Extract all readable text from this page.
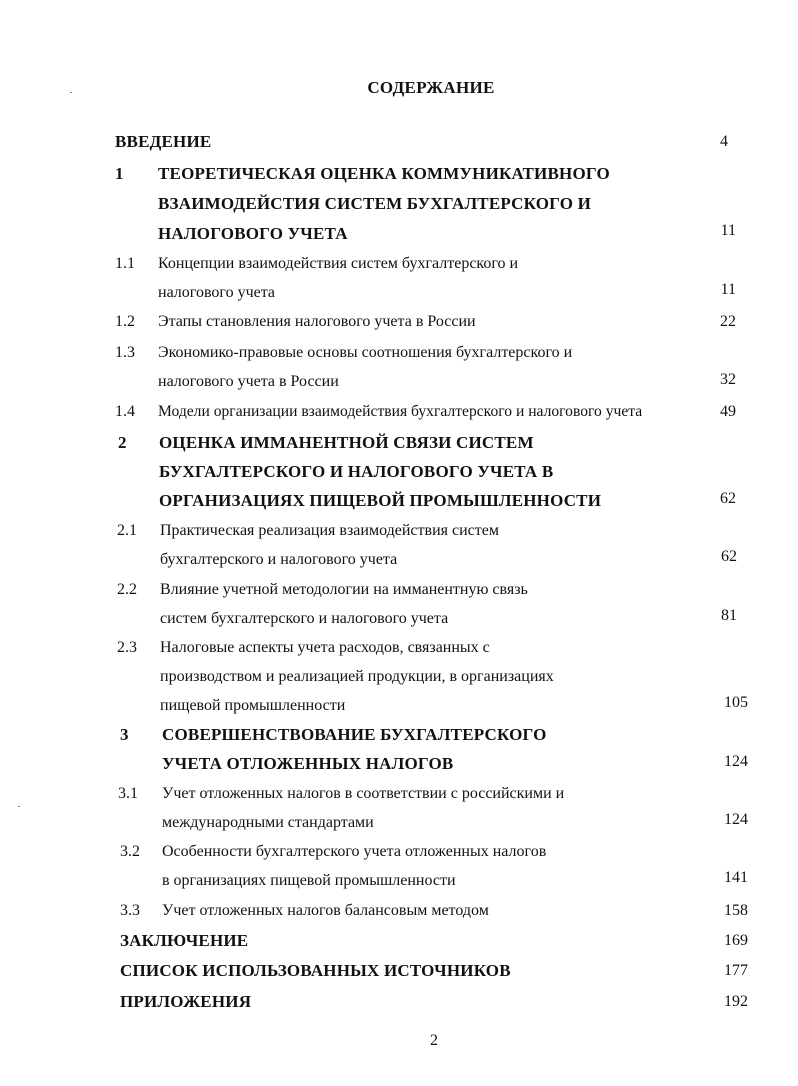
СОДЕРЖАНИЕ
ВВЕДЕНИЕ	4
1 ТЕОРЕТИЧЕСКАЯ ОЦЕНКА КОММУНИКАТИВНОГО
ВЗАИМОДЕЙСТИЯ СИСТЕМ БУХГАЛТЕРСКОГО И
НАЛОГОВОГО УЧЕТА	11
1.1 Концепции взаимодействия систем бухгалтерского и
налогового учета	11
1.2 Этапы становления налогового учета в России	22
1.3 Экономико-правовые основы соотношения бухгалтерского и
налогового учета в России	32
1.4 Модели организации взаимодействия бухгалтерского и налогового учета	49
2 ОЦЕНКА ИММАНЕНТНОЙ СВЯЗИ СИСТЕМ
БУХГАЛТЕРСКОГО И НАЛОГОВОГО УЧЕТА В
ОРГАНИЗАЦИЯХ ПИЩЕВОЙ ПРОМЫШЛЕННОСТИ	62
2.1 Практическая реализация взаимодействия систем
бухгалтерского и налогового учета	62
2.2 Влияние учетной методологии на имманентную связь
систем бухгалтерского и налогового учета	81
2.3 Налоговые аспекты учета расходов, связанных с
производством и реализацией продукции, в организациях
пищевой промышленности	105
3 СОВЕРШЕНСТВОВАНИЕ БУХГАЛТЕРСКОГО
УЧЕТА ОТЛОЖЕННЫХ НАЛОГОВ	124
3.1 Учет отложенных налогов в соответствии с российскими и
международными стандартами	124
3.2 Особенности бухгалтерского учета отложенных налогов
в организациях пищевой промышленности	141
3.3 Учет отложенных налогов балансовым методом	158
ЗАКЛЮЧЕНИЕ	169
СПИСОК ИСПОЛЬЗОВАННЫХ ИСТОЧНИКОВ	177
ПРИЛОЖЕНИЯ	192
2
